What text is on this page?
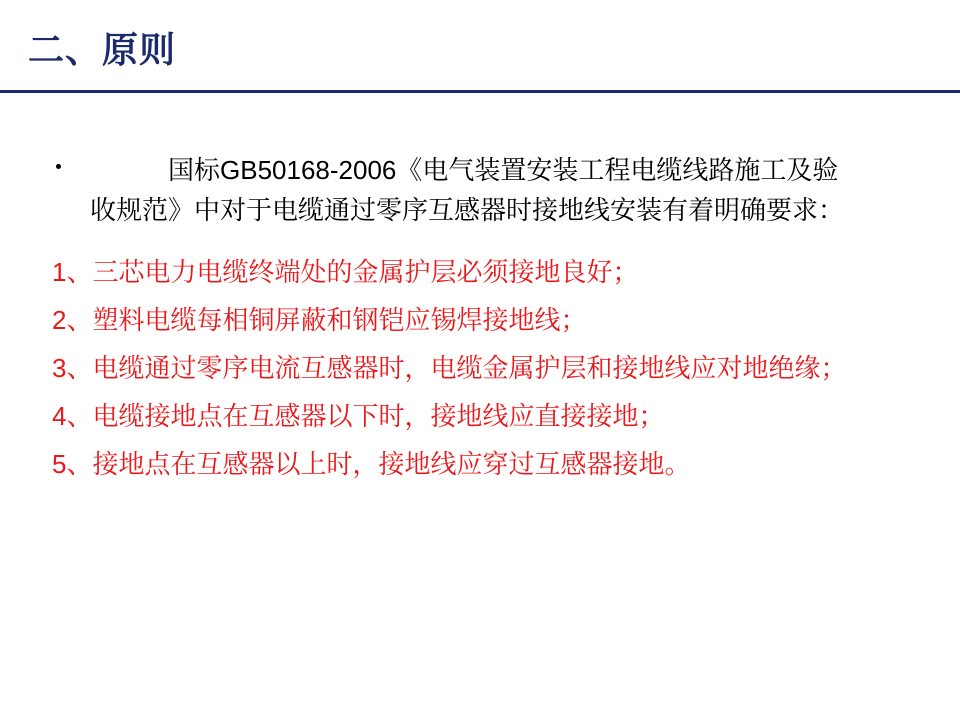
二、原则
国标GB50168-2006《电气装置安装工程电缆线路施工及验收规范》中对于电缆通过零序互感器时接地线安装有着明确要求：
1、三芯电力电缆终端处的金属护层必须接地良好；
2、塑料电缆每相铜屏蔽和钢铠应锡焊接地线；
3、电缆通过零序电流互感器时，电缆金属护层和接地线应对地绝缘；
4、电缆接地点在互感器以下时，接地线应直接接地；
5、接地点在互感器以上时，接地线应穿过互感器接地。
